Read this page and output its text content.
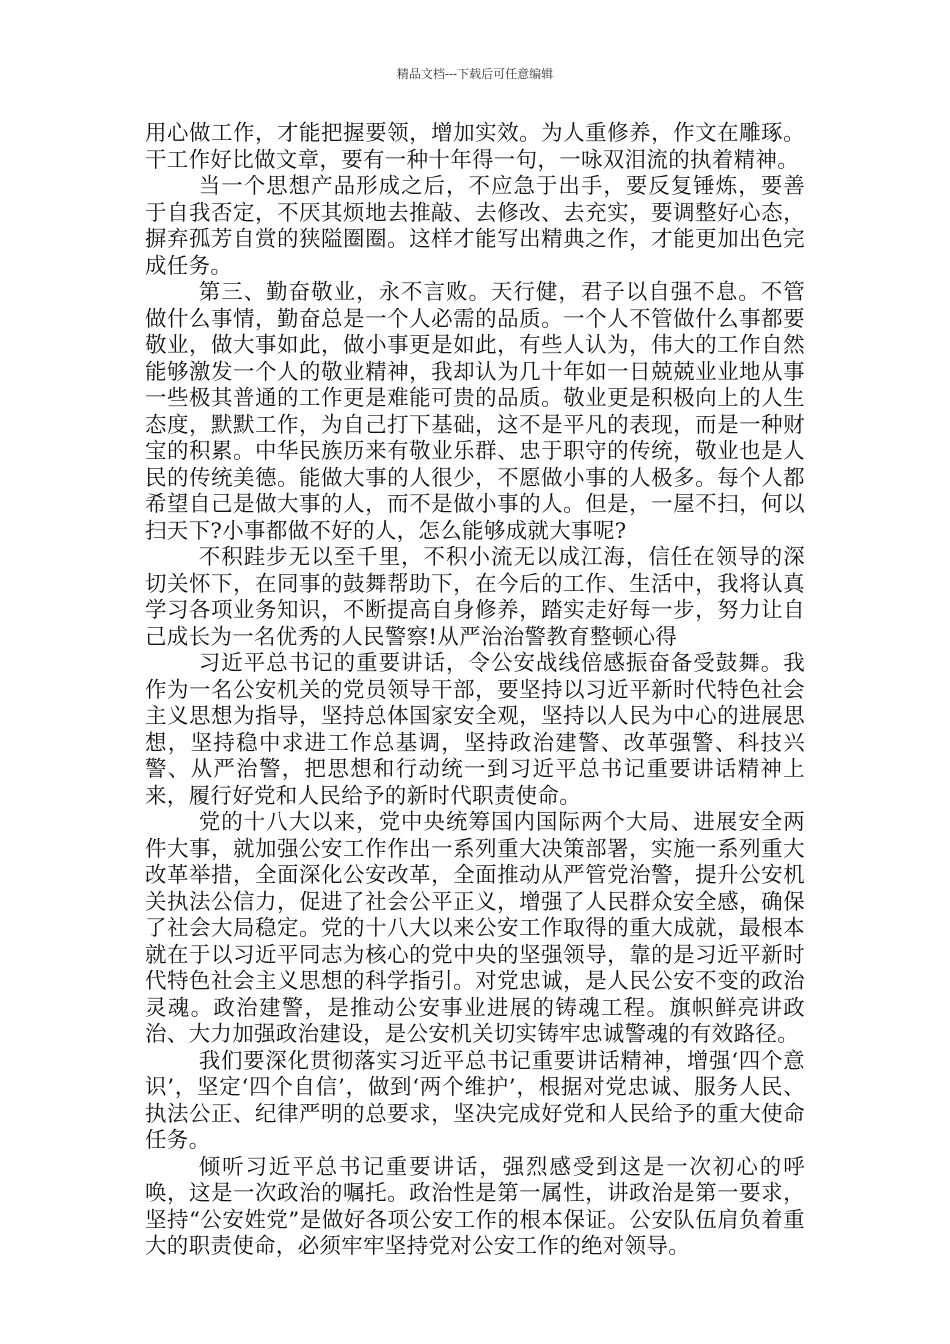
精品文档---下载后可任意编辑

用心做工作，才能把握要领，增加实效。为人重修养，作文在雕琢。干工作好比做文章，要有一种十年得一句，一咏双泪流的执着精神。

当一个思想产品形成之后，不应急于出手，要反复锤炼，要善于自我否定，不厌其烦地去推敲、去修改、去充实，要调整好心态，摒弃孤芳自赏的狭隘圈圈。这样才能写出精典之作，才能更加出色完成任务。

第三、勤奋敬业，永不言败。天行健，君子以自强不息。不管做什么事情，勤奋总是一个人必需的品质。一个人不管做什么事都要敬业，做大事如此，做小事更是如此，有些人认为，伟大的工作自然能够激发一个人的敬业精神，我却认为几十年如一日兢兢业业地从事一些极其普通的工作更是难能可贵的品质。敬业更是积极向上的人生态度，默默工作，为自己打下基础，这不是平凡的表现，而是一种财宝的积累。中华民族历来有敬业乐群、忠于职守的传统，敬业也是人民的传统美德。能做大事的人很少，不愿做小事的人极多。每个人都希望自己是做大事的人，而不是做小事的人。但是，一屋不扫，何以扫天下?小事都做不好的人，怎么能够成就大事呢?

不积跬步无以至千里，不积小流无以成江海，信任在领导的深切关怀下，在同事的鼓舞帮助下，在今后的工作、生活中，我将认真学习各项业务知识，不断提高自身修养，踏实走好每一步，努力让自己成长为一名优秀的人民警察!从严治治警教育整顿心得

习近平总书记的重要讲话，令公安战线倍感振奋备受鼓舞。我作为一名公安机关的党员领导干部，要坚持以习近平新时代特色社会主义思想为指导，坚持总体国家安全观，坚持以人民为中心的进展思想，坚持稳中求进工作总基调，坚持政治建警、改革强警、科技兴警、从严治警，把思想和行动统一到习近平总书记重要讲话精神上来，履行好党和人民给予的新时代职责使命。

党的十八大以来，党中央统筹国内国际两个大局、进展安全两件大事，就加强公安工作作出一系列重大决策部署，实施一系列重大改革举措，全面深化公安改革，全面推动从严管党治警，提升公安机关执法公信力，促进了社会公平正义，增强了人民群众安全感，确保了社会大局稳定。党的十八大以来公安工作取得的重大成就，最根本就在于以习近平同志为核心的党中央的坚强领导，靠的是习近平新时代特色社会主义思想的科学指引。对党忠诚，是人民公安不变的政治灵魂。政治建警，是推动公安事业进展的铸魂工程。旗帜鲜亮讲政治、大力加强政治建设，是公安机关切实铸牢忠诚警魂的有效路径。

我们要深化贯彻落实习近平总书记重要讲话精神，增强‘四个意识’，坚定‘四个自信’，做到‘两个维护’，根据对党忠诚、服务人民、执法公正、纪律严明的总要求，坚决完成好党和人民给予的重大使命任务。

倾听习近平总书记重要讲话，强烈感受到这是一次初心的呼唤，这是一次政治的嘱托。政治性是第一属性，讲政治是第一要求，坚持“公安姓党”是做好各项公安工作的根本保证。公安队伍肩负着重大的职责使命，必须牢牢坚持党对公安工作的绝对领导。
